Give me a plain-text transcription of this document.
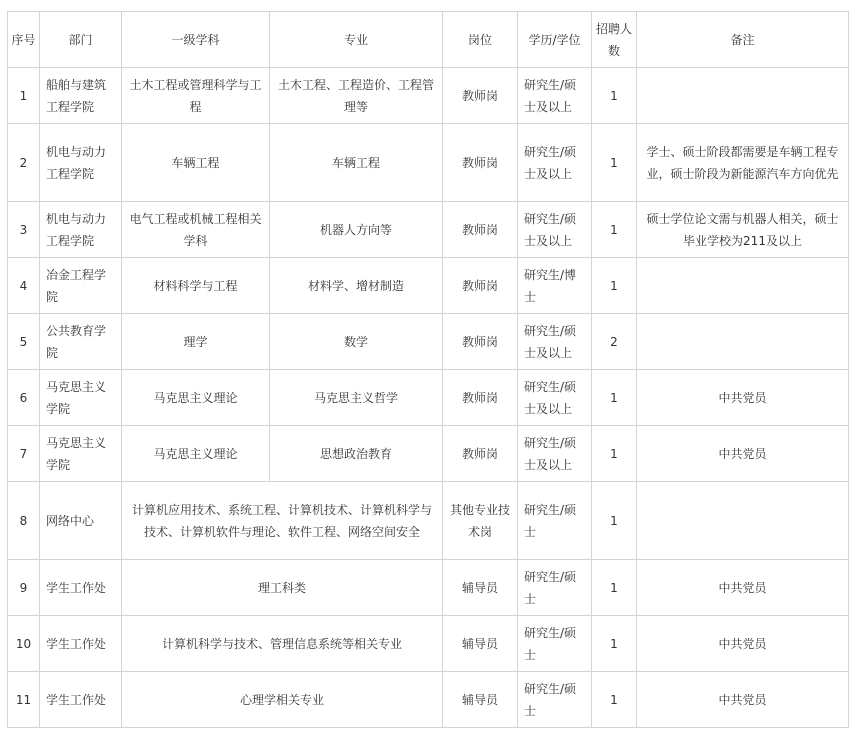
序号	部门	一级学科	专业	岗位	学历/学位	招聘人数	备注
1	船舶与建筑工程学院	土木工程或管理科学与工程	土木工程、工程造价、工程管理等	教师岗	研究生/硕士及以上	1	
2	机电与动力工程学院	车辆工程	车辆工程	教师岗	研究生/硕士及以上	1	学士、硕士阶段都需要是车辆工程专业，硕士阶段为新能源汽车方向优先
3	机电与动力工程学院	电气工程或机械工程相关学科	机器人方向等	教师岗	研究生/硕士及以上	1	硕士学位论文需与机器人相关，硕士毕业学校为211及以上
4	冶金工程学院	材料科学与工程	材料学、增材制造	教师岗	研究生/博士	1	
5	公共教育学院	理学	数学	教师岗	研究生/硕士及以上	2	
6	马克思主义学院	马克思主义理论	马克思主义哲学	教师岗	研究生/硕士及以上	1	中共党员
7	马克思主义学院	马克思主义理论	思想政治教育	教师岗	研究生/硕士及以上	1	中共党员
8	网络中心	计算机应用技术、系统工程、计算机技术、计算机科学与技术、计算机软件与理论、软件工程、网络空间安全		其他专业技术岗	研究生/硕士	1	
9	学生工作处	理工科类		辅导员	研究生/硕士	1	中共党员
10	学生工作处	计算机科学与技术、管理信息系统等相关专业		辅导员	研究生/硕士	1	中共党员
11	学生工作处	心理学相关专业		辅导员	研究生/硕士	1	中共党员
